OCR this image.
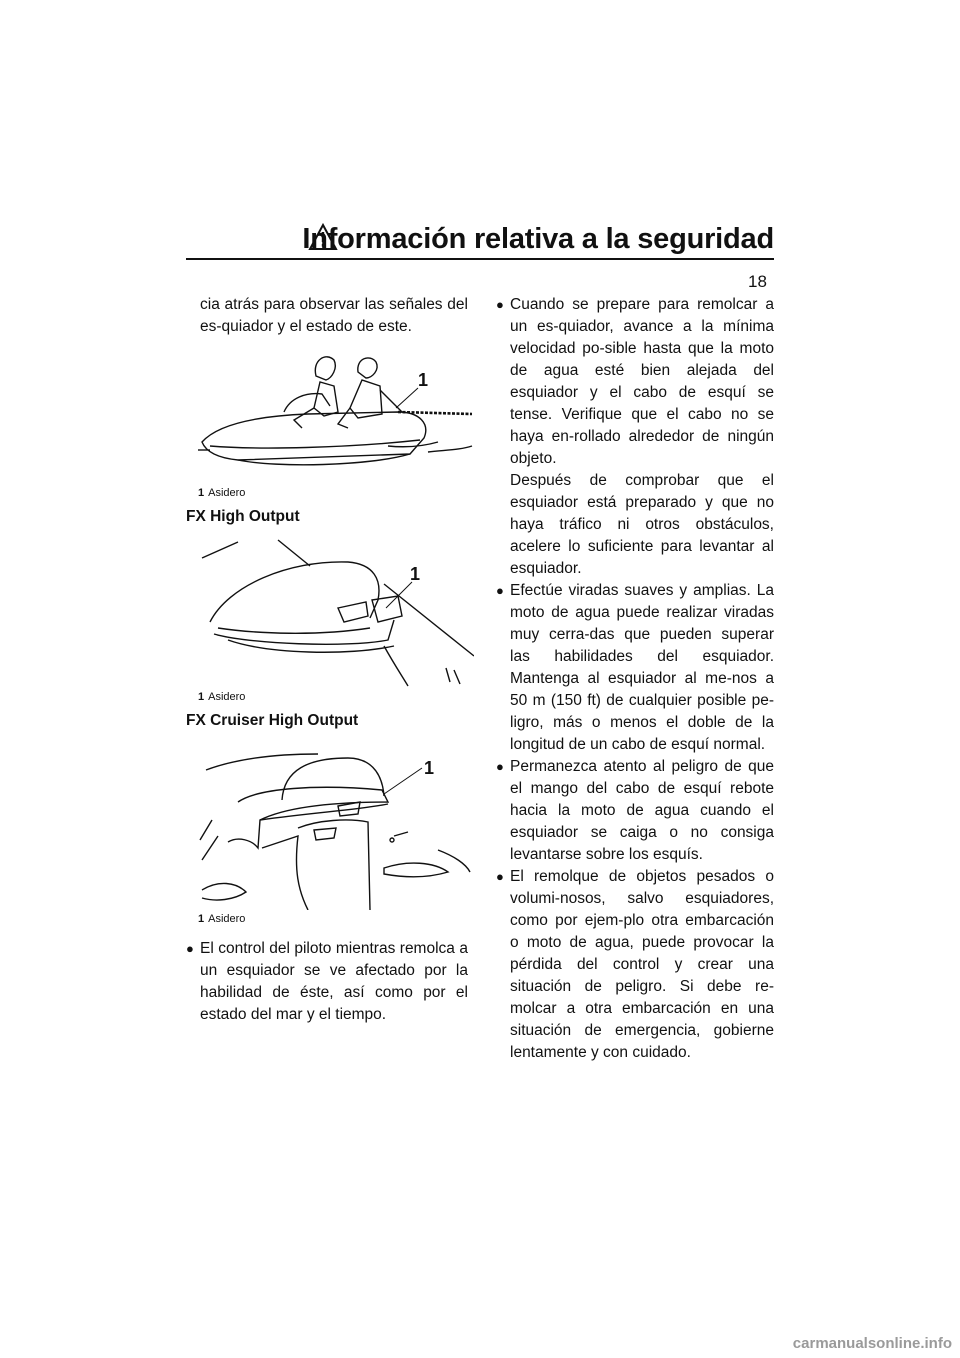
Información relativa a la seguridad
18

cia atrás para observar las señales del es-quiador y el estado de este.

1

1 Asidero

FX High Output

1

1 Asidero

FX Cruiser High Output

1

1 Asidero

● El control del piloto mientras remolca a un esquiador se ve afectado por la habilidad de éste, así como por el estado del mar y el tiempo.
● Cuando se prepare para remolcar a un es-quiador, avance a la mínima velocidad po-sible hasta que la moto de agua esté bien alejada del esquiador y el cabo de esquí se tense. Verifique que el cabo no se haya en-rollado alrededor de ningún objeto.

Después de comprobar que el esquiador está preparado y que no haya tráfico ni otros obstáculos, acelere lo suficiente para levantar al esquiador.

● Efectúe viradas suaves y amplias. La moto de agua puede realizar viradas muy cerra-das que pueden superar las habilidades del esquiador. Mantenga al esquiador al me-nos a 50 m (150 ft) de cualquier posible pe-ligro, más o menos el doble de la longitud de un cabo de esquí normal.
● Permanezca atento al peligro de que el mango del cabo de esquí rebote hacia la moto de agua cuando el esquiador se caiga o no consiga levantarse sobre los esquís.
● El remolque de objetos pesados o volumi-nosos, salvo esquiadores, como por ejem-plo otra embarcación o moto de agua, puede provocar la pérdida del control y crear una situación de peligro. Si debe re-molcar a otra embarcación en una situación de emergencia, gobierne lentamente y con cuidado.
carmanualsonline.info
